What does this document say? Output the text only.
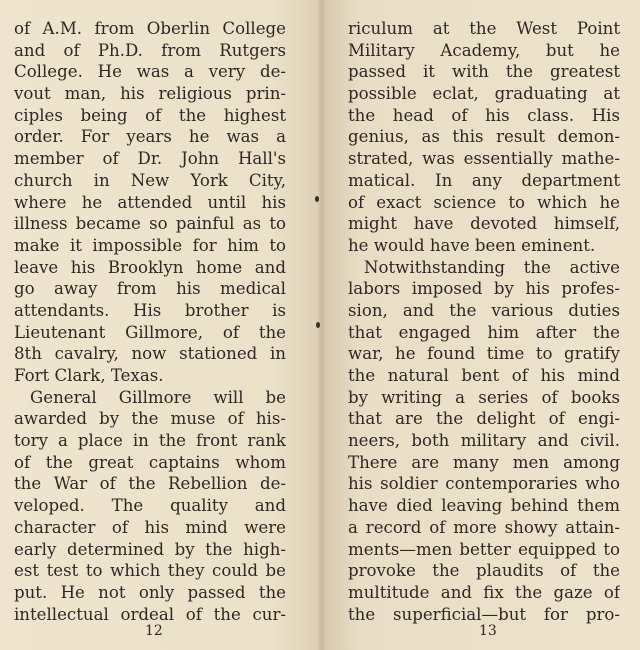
of A.M. from Oberlin College
and of Ph.D. from Rutgers
College. He was a very de-
vout man, his religious prin-
ciples being of the highest
order. For years he was a
member of Dr. John Hall's
church in New York City,
where he attended until his
illness became so painful as to
make it impossible for him to
leave his Brooklyn home and
go away from his medical
attendants. His brother is
Lieutenant Gillmore, of the
8th cavalry, now stationed in
Fort Clark, Texas.
General Gillmore will be
awarded by the muse of his-
tory a place in the front rank
of the great captains whom
the War of the Rebellion de-
veloped. The quality and
character of his mind were
early determined by the high-
est test to which they could be
put. He not only passed the
intellectual ordeal of the cur-
12
riculum at the West Point
Military Academy, but he
passed it with the greatest
possible eclat, graduating at
the head of his class. His
genius, as this result demon-
strated, was essentially mathe-
matical. In any department
of exact science to which he
might have devoted himself,
he would have been eminent.
Notwithstanding the active
labors imposed by his profes-
sion, and the various duties
that engaged him after the
war, he found time to gratify
the natural bent of his mind
by writing a series of books
that are the delight of engi-
neers, both military and civil.
There are many men among
his soldier contemporaries who
have died leaving behind them
a record of more showy attain-
ments—men better equipped to
provoke the plaudits of the
multitude and fix the gaze of
the superficial—but for pro-
13
